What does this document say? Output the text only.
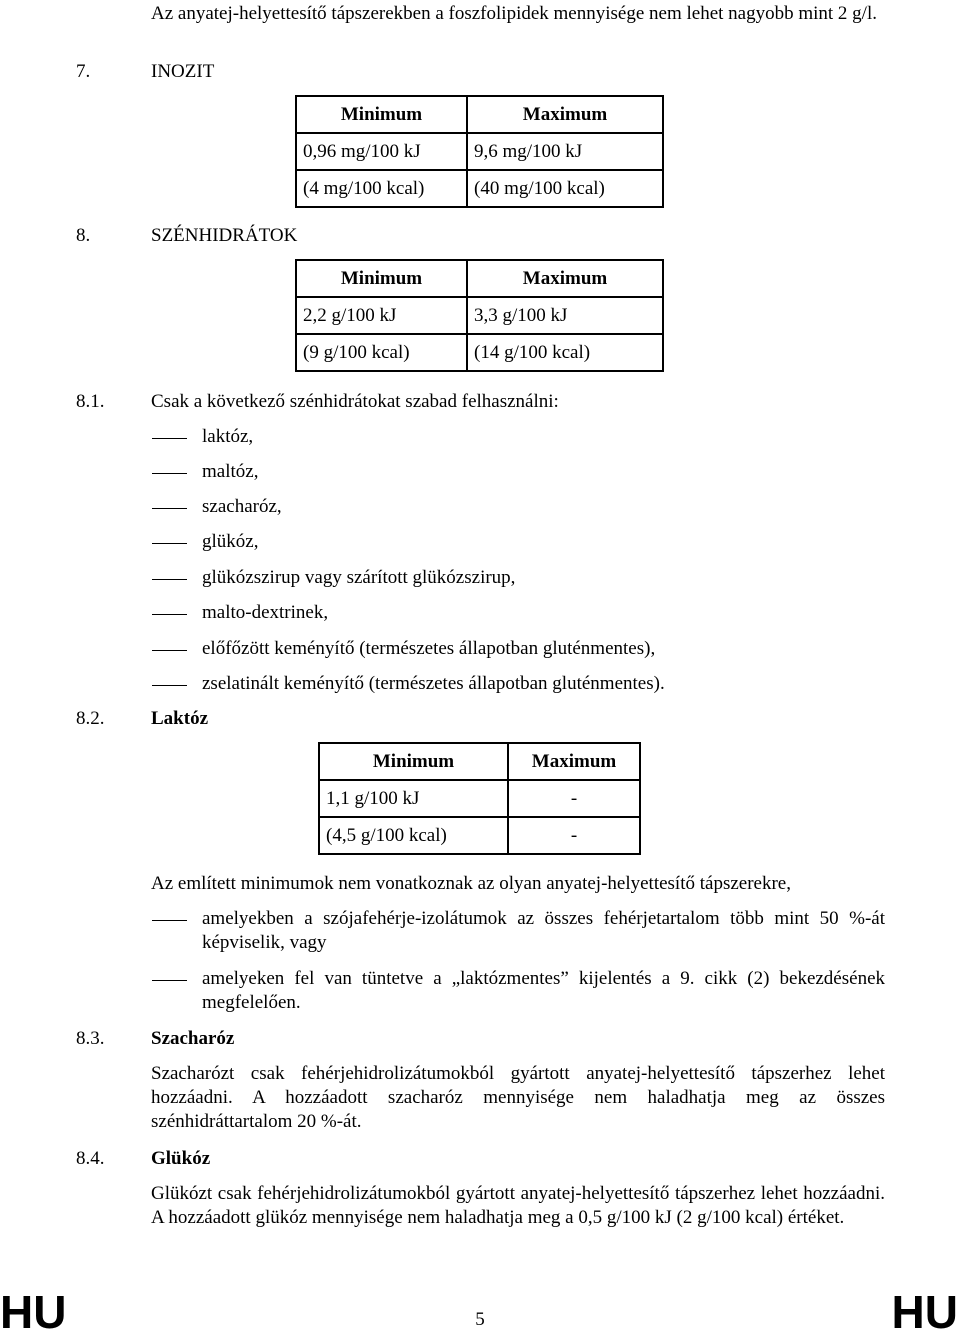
Az anyatej-helyettesítő tápszerekben a foszfolipidek mennyisége nem lehet nagyobb mint 2 g/l.
7.	INOZIT
Minimum	Maximum
0,96 mg/100 kJ	9,6 mg/100 kJ
(4 mg/100 kcal)	(40 mg/100 kcal)
8.	SZÉNHIDRÁTOK
Minimum	Maximum
2,2 g/100 kJ	3,3 g/100 kJ
(9 g/100 kcal)	(14 g/100 kcal)
8.1. Csak a következő szénhidrátokat szabad felhasználni:
laktóz,
maltóz,
szacharóz,
glükóz,
glükózszirup vagy szárított glükózszirup,
malto-dextrinek,
előfőzött keményítő (természetes állapotban gluténmentes),
zselatinált keményítő (természetes állapotban gluténmentes).
8.2. Laktóz
Minimum	Maximum
1,1 g/100 kJ	-
(4,5 g/100 kcal)	-
Az említett minimumok nem vonatkoznak az olyan anyatej-helyettesítő tápszerekre,
amelyekben a szójafehérje-izolátumok az összes fehérjetartalom több mint 50 %-át képviselik, vagy
amelyeken fel van tüntetve a „laktózmentes” kijelentés a 9. cikk (2) bekezdésének megfelelően.
8.3. Szacharóz
Szacharózt csak fehérjehidrolizátumokból gyártott anyatej-helyettesítő tápszerhez lehet hozzáadni. A hozzáadott szacharóz mennyisége nem haladhatja meg az összes szénhidráttartalom 20 %-át.
8.4. Glükóz
Glükózt csak fehérjehidrolizátumokból gyártott anyatej-helyettesítő tápszerhez lehet hozzáadni. A hozzáadott glükóz mennyisége nem haladhatja meg a 0,5 g/100 kJ (2 g/100 kcal) értéket.
HU	5	HU
